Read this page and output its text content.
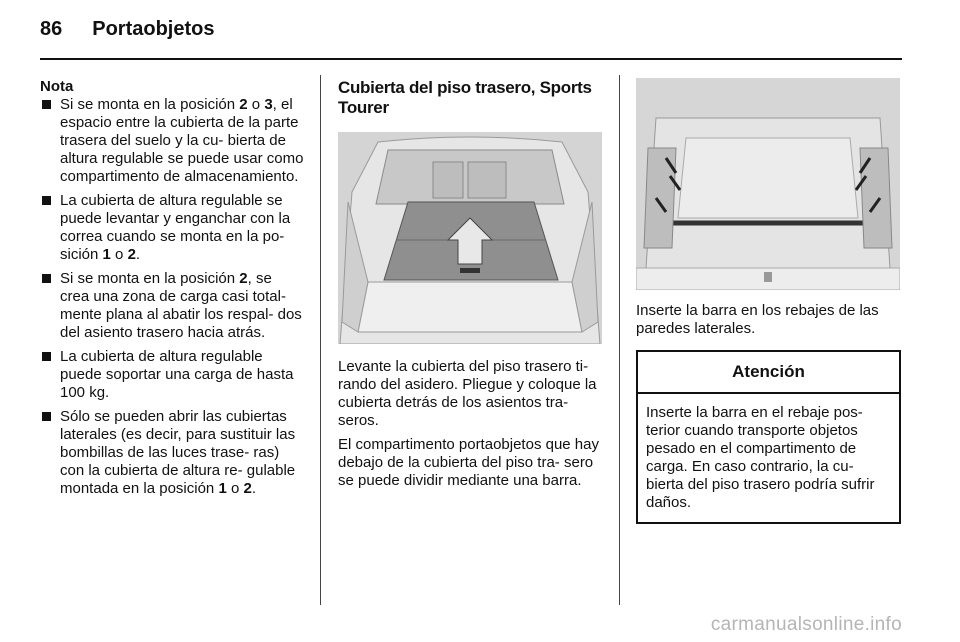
86 Portaobjetos
Nota
Si se monta en la posición 2 o 3, el espacio entre la cubierta de la parte trasera del suelo y la cu- bierta de altura regulable se puede usar como compartimento de almacenamiento.
La cubierta de altura regulable se puede levantar y enganchar con la correa cuando se monta en la po- sición 1 o 2.
Si se monta en la posición 2, se crea una zona de carga casi total- mente plana al abatir los respal- dos del asiento trasero hacia atrás.
La cubierta de altura regulable puede soportar una carga de hasta 100 kg.
Sólo se pueden abrir las cubiertas laterales (es decir, para sustituir las bombillas de las luces trase- ras) con la cubierta de altura re- gulable montada en la posición 1 o 2.
Cubierta del piso trasero, Sports Tourer

Levante la cubierta del piso trasero ti- rando del asidero. Pliegue y coloque la cubierta detrás de los asientos tra- seros.

El compartimento portaobjetos que hay debajo de la cubierta del piso tra- sero se puede dividir mediante una barra.

Inserte la barra en los rebajes de las paredes laterales.

Atención
Inserte la barra en el rebaje pos- terior cuando transporte objetos pesado en el compartimento de carga. En caso contrario, la cu- bierta del piso trasero podría sufrir daños.
carmanualsonline.info
